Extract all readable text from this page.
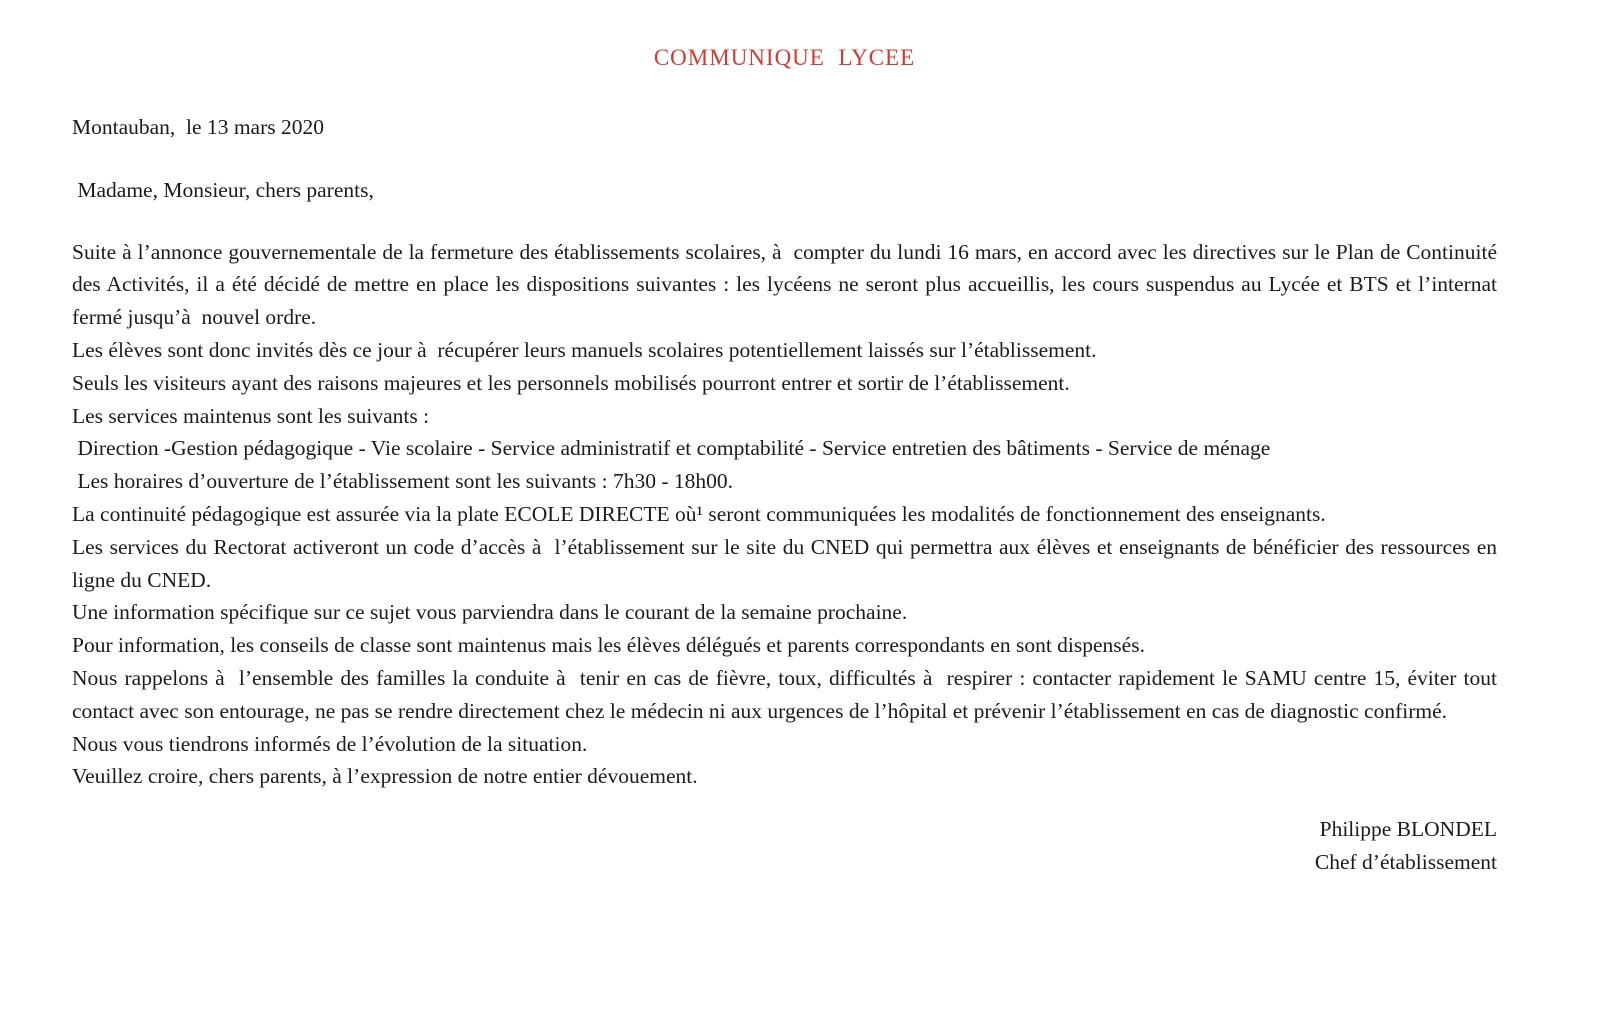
COMMUNIQUE  LYCEE
Montauban,  le 13 mars 2020
Madame, Monsieur, chers parents,

Suite à l’annonce gouvernementale de la fermeture des établissements scolaires, à  compter du lundi 16 mars, en accord avec les directives sur le Plan de Continuité des Activités, il a été décidé de mettre en place les dispositions suivantes : les lycéens ne seront plus accueillis, les cours suspendus au Lycée et BTS et l’internat fermé jusqu’à  nouvel ordre.

Les élèves sont donc invités dès ce jour à  récupérer leurs manuels scolaires potentiellement laissés sur l’établissement.

Seuls les visiteurs ayant des raisons majeures et les personnels mobilisés pourront entrer et sortir de l’établissement.

Les services maintenus sont les suivants :

Direction -Gestion pédagogique - Vie scolaire - Service administratif et comptabilité - Service entretien des bâtiments - Service de ménage

Les horaires d’ouverture de l’établissement sont les suivants : 7h30 - 18h00.

La continuité pédagogique est assurée via la plate ECOLE DIRECTE où¹ seront communiquées les modalités de fonctionnement des enseignants.

Les services du Rectorat activeront un code d’accès à  l’établissement sur le site du CNED qui permettra aux élèves et enseignants de bénéficier des ressources en ligne du CNED.

Une information spécifique sur ce sujet vous parviendra dans le courant de la semaine prochaine.

Pour information, les conseils de classe sont maintenus mais les élèves délégués et parents correspondants en sont dispensés.

Nous rappelons à  l’ensemble des familles la conduite à  tenir en cas de fièvre, toux, difficultés à  respirer : contacter rapidement le SAMU centre 15, éviter tout contact avec son entourage, ne pas se rendre directement chez le médecin ni aux urgences de l’hôpital et prévenir l’établissement en cas de diagnostic confirmé.

Nous vous tiendrons informés de l’évolution de la situation.

Veuillez croire, chers parents, à l’expression de notre entier dévouement.

Philippe BLONDEL
Chef d’établissement
